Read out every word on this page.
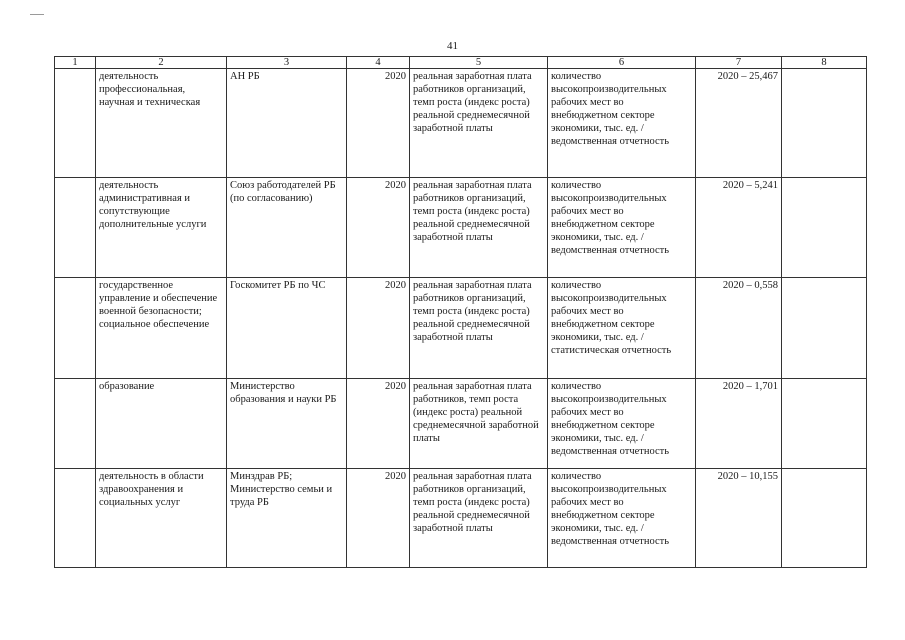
41
1	2	3	4	5	6	7	8
	деятельность профессиональная, научная и техническая	АН РБ	2020	реальная заработная плата работников организаций, темп роста (индекс роста) реальной среднемесячной заработной платы	количество высокопроизводительных рабочих мест во внебюджетном секторе экономики, тыс. ед. / ведомственная отчетность	2020 – 25,467	
	деятельность административная и сопутствующие дополнительные услуги	Союз работодателей РБ (по согласованию)	2020	реальная заработная плата работников организаций, темп роста (индекс роста) реальной среднемесячной заработной платы	количество высокопроизводительных рабочих мест во внебюджетном секторе экономики, тыс. ед. / ведомственная отчетность	2020 – 5,241	
	государственное управление и обеспечение военной безопасности; социальное обеспечение	Госкомитет РБ по ЧС	2020	реальная заработная плата работников организаций, темп роста (индекс роста) реальной среднемесячной заработной платы	количество высокопроизводительных рабочих мест во внебюджетном секторе экономики, тыс. ед. / статистическая отчетность	2020 – 0,558	
	образование	Министерство образования и науки РБ	2020	реальная заработная плата работников, темп роста (индекс роста) реальной среднемесячной заработной платы	количество высокопроизводительных рабочих мест во внебюджетном секторе экономики, тыс. ед. / ведомственная отчетность	2020 – 1,701	
	деятельность в области здравоохранения и социальных услуг	Минздрав РБ; Министерство семьи и труда РБ	2020	реальная заработная плата работников организаций, темп роста (индекс роста) реальной среднемесячной заработной платы	количество высокопроизводительных рабочих мест во внебюджетном секторе экономики, тыс. ед. / ведомственная отчетность	2020 – 10,155	
